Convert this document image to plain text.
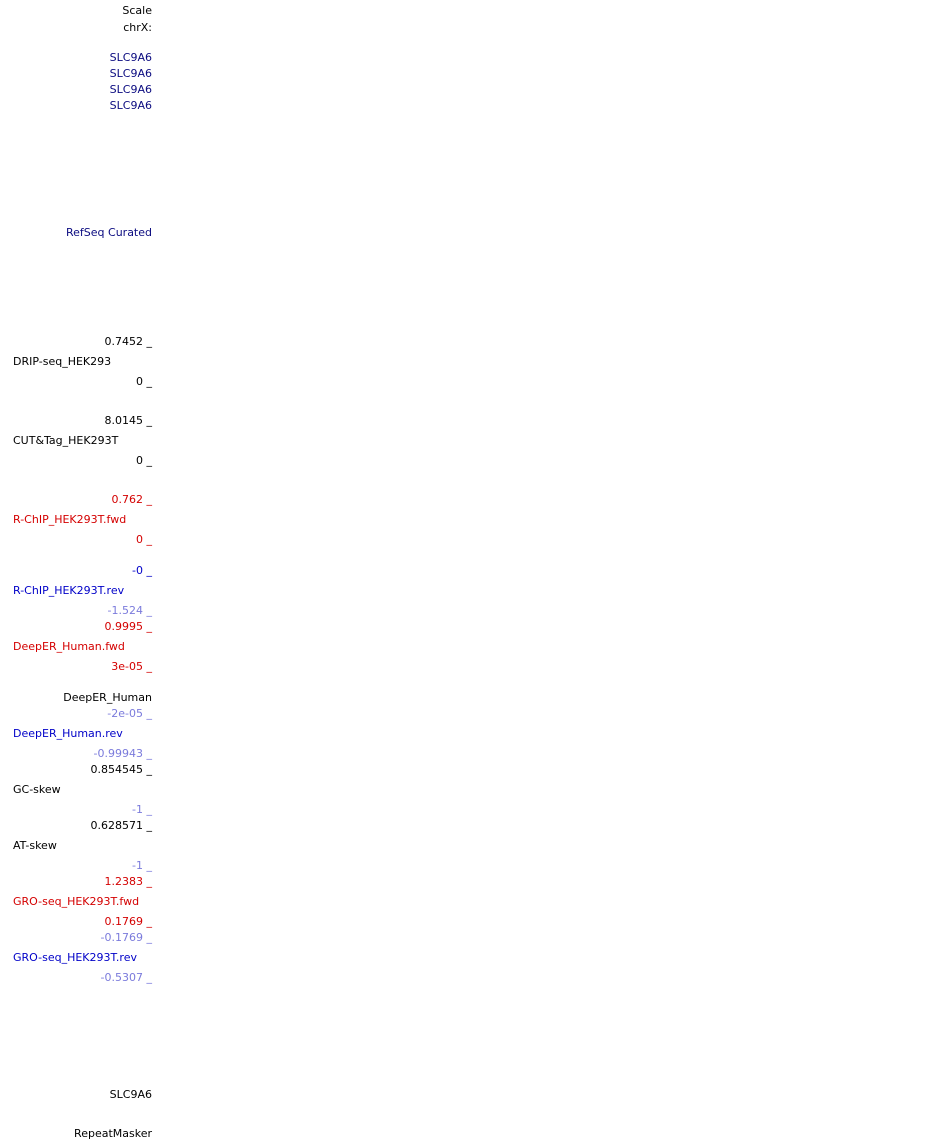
Scale
chrX:
SLC9A6
SLC9A6
SLC9A6
SLC9A6
RefSeq Curated
0.7452 _
DRIP-seq_HEK293
0 _
8.0145 _
CUT&Tag_HEK293T
0 _
0.762 _
R-ChIP_HEK293T.fwd
0 _
-0 _
R-ChIP_HEK293T.rev
-1.524 _
0.9995 _
DeepER_Human.fwd
3e-05 _
DeepER_Human
-2e-05 _
DeepER_Human.rev
-0.99943 _
0.854545 _
GC-skew
-1 _
0.628571 _
AT-skew
-1 _
1.2383 _
GRO-seq_HEK293T.fwd
0.1769 _
-0.1769 _
GRO-seq_HEK293T.rev
-0.5307 _
SLC9A6
RepeatMasker
